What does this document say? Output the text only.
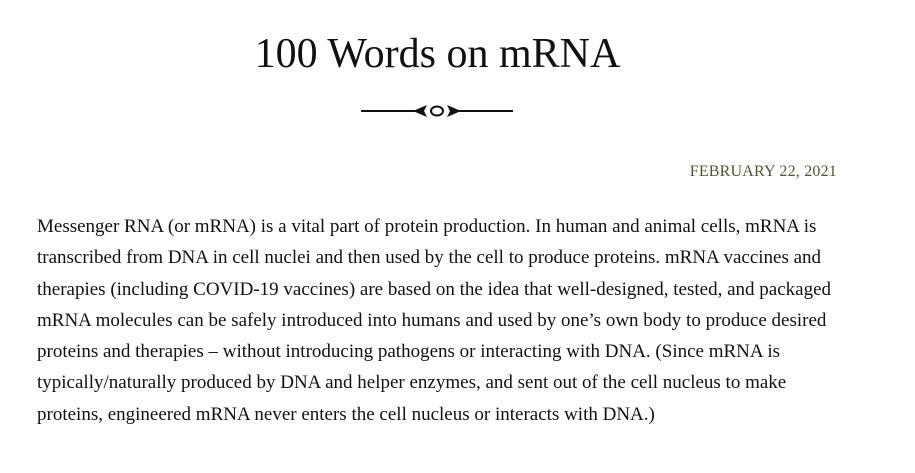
100 Words on mRNA
FEBRUARY 22, 2021

Messenger RNA (or mRNA) is a vital part of protein production. In human and animal cells, mRNA is transcribed from DNA in cell nuclei and then used by the cell to produce proteins. mRNA vaccines and therapies (including COVID-19 vaccines) are based on the idea that well-designed, tested, and packaged mRNA molecules can be safely introduced into humans and used by one’s own body to produce desired proteins and therapies – without introducing pathogens or interacting with DNA. (Since mRNA is typically/naturally produced by DNA and helper enzymes, and sent out of the cell nucleus to make proteins, engineered mRNA never enters the cell nucleus or interacts with DNA.)
